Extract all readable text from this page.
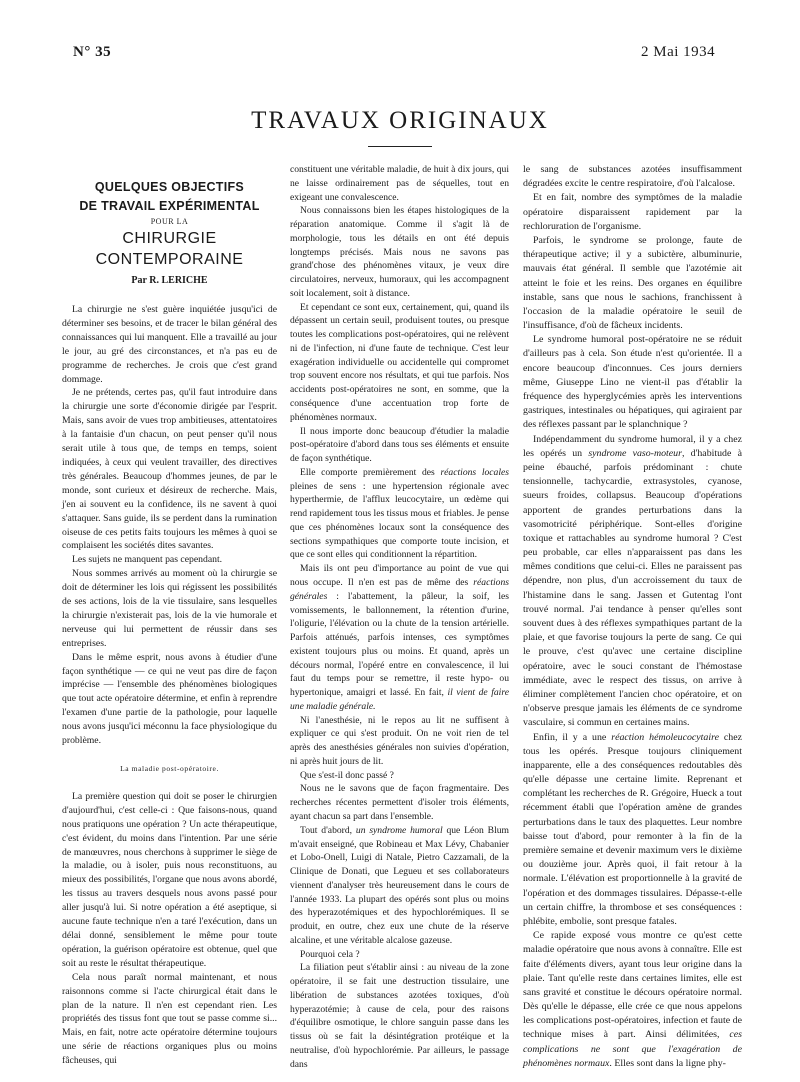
N° 35	2 Mai 1934
TRAVAUX ORIGINAUX
QUELQUES OBJECTIFS
DE TRAVAIL EXPÉRIMENTAL
POUR LA
CHIRURGIE
CONTEMPORAINE
Par R. LERICHE

La chirurgie ne s'est guère inquiétée jusqu'ici de déterminer ses besoins, et de tracer le bilan général des connaissances qui lui manquent. Elle a travaillé au jour le jour, au gré des circonstances, et n'a pas eu de programme de recherches. Je crois que c'est grand dommage.

Je ne prétends, certes pas, qu'il faut introduire dans la chirurgie une sorte d'économie dirigée par l'esprit. Mais, sans avoir de vues trop ambitieuses, attentatoires à la fantaisie d'un chacun, on peut penser qu'il nous serait utile à tous que, de temps en temps, soient indiquées, à ceux qui veulent travailler, des directives très générales. Beaucoup d'hommes jeunes, de par le monde, sont curieux et désireux de recherche. Mais, j'en ai souvent eu la confidence, ils ne savent à quoi s'attaquer. Sans guide, ils se perdent dans la rumination oiseuse de ces petits faits toujours les mêmes à quoi se complaisent les sociétés dites savantes.

Les sujets ne manquent pas cependant.

Nous sommes arrivés au moment où la chirurgie se doit de déterminer les lois qui régissent les possibilités de ses actions, lois de la vie tissulaire, sans lesquelles la chirurgie n'existerait pas, lois de la vie humorale et nerveuse qui lui permettent de réussir dans ses entreprises.

Dans le même esprit, nous avons à étudier d'une façon synthétique — ce qui ne veut pas dire de façon imprécise — l'ensemble des phénomènes biologiques que tout acte opératoire détermine, et enfin à reprendre l'examen d'une partie de la pathologie, pour laquelle nous avons jusqu'ici méconnu la face physiologique du problème.

La maladie post-opératoire.

La première question qui doit se poser le chirurgien d'aujourd'hui, c'est celle-ci : Que faisons-nous, quand nous pratiquons une opération ? Un acte thérapeutique, c'est évident, du moins dans l'intention. Par une série de manœuvres, nous cherchons à supprimer le siège de la maladie, ou à isoler, puis nous reconstituons, au mieux des possibilités, l'organe que nous avons abordé, les tissus au travers desquels nous avons passé pour aller jusqu'à lui. Si notre opération a été aseptique, si aucune faute technique n'en a taré l'exécution, dans un délai donné, sensiblement le même pour toute opération, la guérison opératoire est obtenue, quel que soit au reste le résultat thérapeutique.

Cela nous paraît normal maintenant, et nous raisonnons comme si l'acte chirurgical était dans le plan de la nature. Il n'en est cependant rien. Les propriétés des tissus font que tout se passe comme si... Mais, en fait, notre acte opératoire détermine toujours une série de réactions organiques plus ou moins fâcheuses, qui

constituent une véritable maladie, de huit à dix jours, qui ne laisse ordinairement pas de séquelles, tout en exigeant une convalescence.

Nous connaissons bien les étapes histologiques de la réparation anatomique. Comme il s'agit là de morphologie, tous les détails en ont été depuis longtemps précisés. Mais nous ne savons pas grand'chose des phénomènes vitaux, je veux dire circulatoires, nerveux, humoraux, qui les accompagnent soit localement, soit à distance.

Et cependant ce sont eux, certainement, qui, quand ils dépassent un certain seuil, produisent toutes, ou presque toutes les complications post-opératoires, qui ne relèvent ni de l'infection, ni d'une faute de technique. C'est leur exagération individuelle ou accidentelle qui compromet trop souvent encore nos résultats, et qui tue parfois. Nos accidents post-opératoires ne sont, en somme, que la conséquence d'une accentuation trop forte de phénomènes normaux.

Il nous importe donc beaucoup d'étudier la maladie post-opératoire d'abord dans tous ses éléments et ensuite de façon synthétique.

Elle comporte premièrement des réactions locales pleines de sens : une hypertension régionale avec hyperthermie, de l'afflux leucocytaire, un œdème qui rend rapidement tous les tissus mous et friables. Je pense que ces phénomènes locaux sont la conséquence des sections sympathiques que comporte toute incision, et que ce sont elles qui conditionnent la répartition.

Mais ils ont peu d'importance au point de vue qui nous occupe. Il n'en est pas de même des réactions générales : l'abattement, la pâleur, la soif, les vomissements, le ballonnement, la rétention d'urine, l'oligurie, l'élévation ou la chute de la tension artérielle. Parfois atténués, parfois intenses, ces symptômes existent toujours plus ou moins. Et quand, après un décours normal, l'opéré entre en convalescence, il lui faut du temps pour se remettre, il reste hypo- ou hypertonique, amaigri et lassé. En fait, il vient de faire une maladie générale.

Ni l'anesthésie, ni le repos au lit ne suffisent à expliquer ce qui s'est produit. On ne voit rien de tel après des anesthésies générales non suivies d'opération, ni après huit jours de lit.

Que s'est-il donc passé ?

Nous ne le savons que de façon fragmentaire. Des recherches récentes permettent d'isoler trois éléments, ayant chacun sa part dans l'ensemble.

Tout d'abord, un syndrome humoral que Léon Blum m'avait enseigné, que Robineau et Max Lévy, Chabanier et Lobo-Onell, Luigi di Natale, Pietro Cazzamali, de la Clinique de Donati, que Legueu et ses collaborateurs viennent d'analyser très heureusement dans le cours de l'année 1933. La plupart des opérés sont plus ou moins des hyperazotémiques et des hypochlorémiques. Il se produit, en outre, chez eux une chute de la réserve alcaline, et une véritable alcalose gazeuse.

Pourquoi cela ?

La filiation peut s'établir ainsi : au niveau de la zone opératoire, il se fait une destruction tissulaire, une libération de substances azotées toxiques, d'où hyperazotémie; à cause de cela, pour des raisons d'équilibre osmotique, le chlore sanguin passe dans les tissus où se fait la désintégration protéique et la neutralise, d'où hypochlorémie. Par ailleurs, le passage dans

le sang de substances azotées insuffisamment dégradées excite le centre respiratoire, d'où l'alcalose.

Et en fait, nombre des symptômes de la maladie opératoire disparaissent rapidement par la rechloruration de l'organisme.

Parfois, le syndrome se prolonge, faute de thérapeutique active; il y a subictère, albuminurie, mauvais état général. Il semble que l'azotémie ait atteint le foie et les reins. Des organes en équilibre instable, sans que nous le sachions, franchissent à l'occasion de la maladie opératoire le seuil de l'insuffisance, d'où de fâcheux incidents.

Le syndrome humoral post-opératoire ne se réduit d'ailleurs pas à cela. Son étude n'est qu'orientée. Il a encore beaucoup d'inconnues. Ces jours derniers même, Giuseppe Lino ne vient-il pas d'établir la fréquence des hyperglycémies après les interventions gastriques, intestinales ou hépatiques, qui agiraient par des réflexes passant par le splanchnique ?

Indépendamment du syndrome humoral, il y a chez les opérés un syndrome vaso-moteur, d'habitude à peine ébauché, parfois prédominant : chute tensionnelle, tachycardie, extrasystoles, cyanose, sueurs froides, collapsus. Beaucoup d'opérations apportent de grandes perturbations dans la vasomotricité périphérique. Sont-elles d'origine toxique et rattachables au syndrome humoral ? C'est peu probable, car elles n'apparaissent pas dans les mêmes conditions que celui-ci. Elles ne paraissent pas dépendre, non plus, d'un accroissement du taux de l'histamine dans le sang. Jassen et Gutentag l'ont trouvé normal. J'ai tendance à penser qu'elles sont souvent dues à des réflexes sympathiques partant de la plaie, et que favorise toujours la perte de sang. Ce qui le prouve, c'est qu'avec une certaine discipline opératoire, avec le souci constant de l'hémostase immédiate, avec le respect des tissus, on arrive à éliminer complètement l'ancien choc opératoire, et on n'observe presque jamais les éléments de ce syndrome vasculaire, si commun en certaines mains.

Enfin, il y a une réaction hémoleucocytaire chez tous les opérés. Presque toujours cliniquement inapparente, elle a des conséquences redoutables dès qu'elle dépasse une certaine limite. Reprenant et complétant les recherches de R. Grégoire, Hueck a tout récemment établi que l'opération amène de grandes perturbations dans le taux des plaquettes. Leur nombre baisse tout d'abord, pour remonter à la fin de la première semaine et devenir maximum vers le dixième ou douzième jour. Après quoi, il fait retour à la normale. L'élévation est proportionnelle à la gravité de l'opération et des dommages tissulaires. Dépasse-t-elle un certain chiffre, la thrombose et ses conséquences : phlébite, embolie, sont presque fatales.

Ce rapide exposé vous montre ce qu'est cette maladie opératoire que nous avons à connaître. Elle est faite d'éléments divers, ayant tous leur origine dans la plaie. Tant qu'elle reste dans certaines limites, elle est sans gravité et constitue le décours opératoire normal. Dès qu'elle le dépasse, elle crée ce que nous appelons les complications post-opératoires, infection et faute de technique mises à part. Ainsi délimitées, ces complications ne sont que l'exagération de phénomènes normaux. Elles sont dans la ligne phy-
